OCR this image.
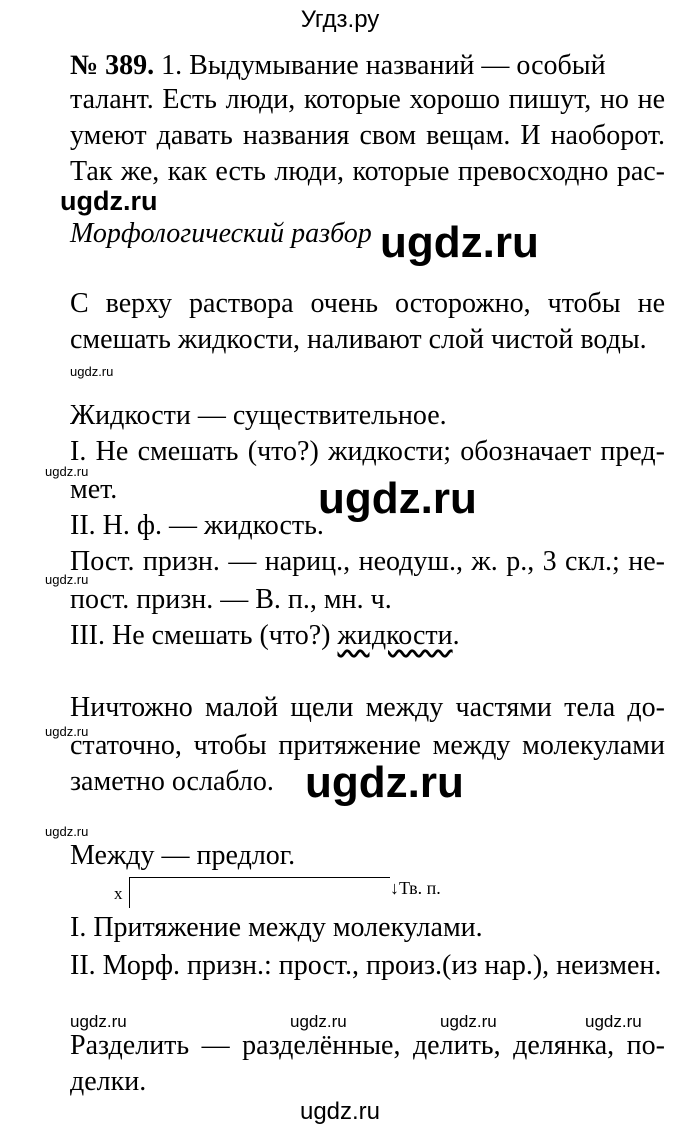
Угдз.ру
№ 389. 1. Выдумывание названий — особый
талант. Есть люди, которые хорошо пишут, но не
умеют давать названия свом вещам. И наоборот.
Так же, как есть люди, которые превосходно рас-
ugdz.ru
Морфологический разбор ugdz.ru
С верху раствора очень осторожно, чтобы не
смешать жидкости, наливают слой чистой воды.
ugdz.ru
Жидкости — существительное.
I. Не смешать (что?) жидкости; обозначает пред-
ugdz.ru
мет.	ugdz.ru
II. Н. ф. — жидкость.
Пост. призн. — нариц., неодуш., ж. р., 3 скл.; не-
ugdz.ru
пост. призн. — В. п., мн. ч.
III. Не смешать (что?) жидкости.
Ничтожно малой щели между частями тела до-
ugdz.ru
статочно, чтобы притяжение между молекулами
заметно ослабло. ugdz.ru
ugdz.ru
Между — предлог.
x	↓Тв. п.
I. Притяжение между молекулами.
II. Морф. призн.: прост., произ.(из нар.), неизмен.
ugdz.ru	ugdz.ru	ugdz.ru	ugdz.ru
Разделить — разделённые, делить, делянка, по-
делки.
ugdz.ru
